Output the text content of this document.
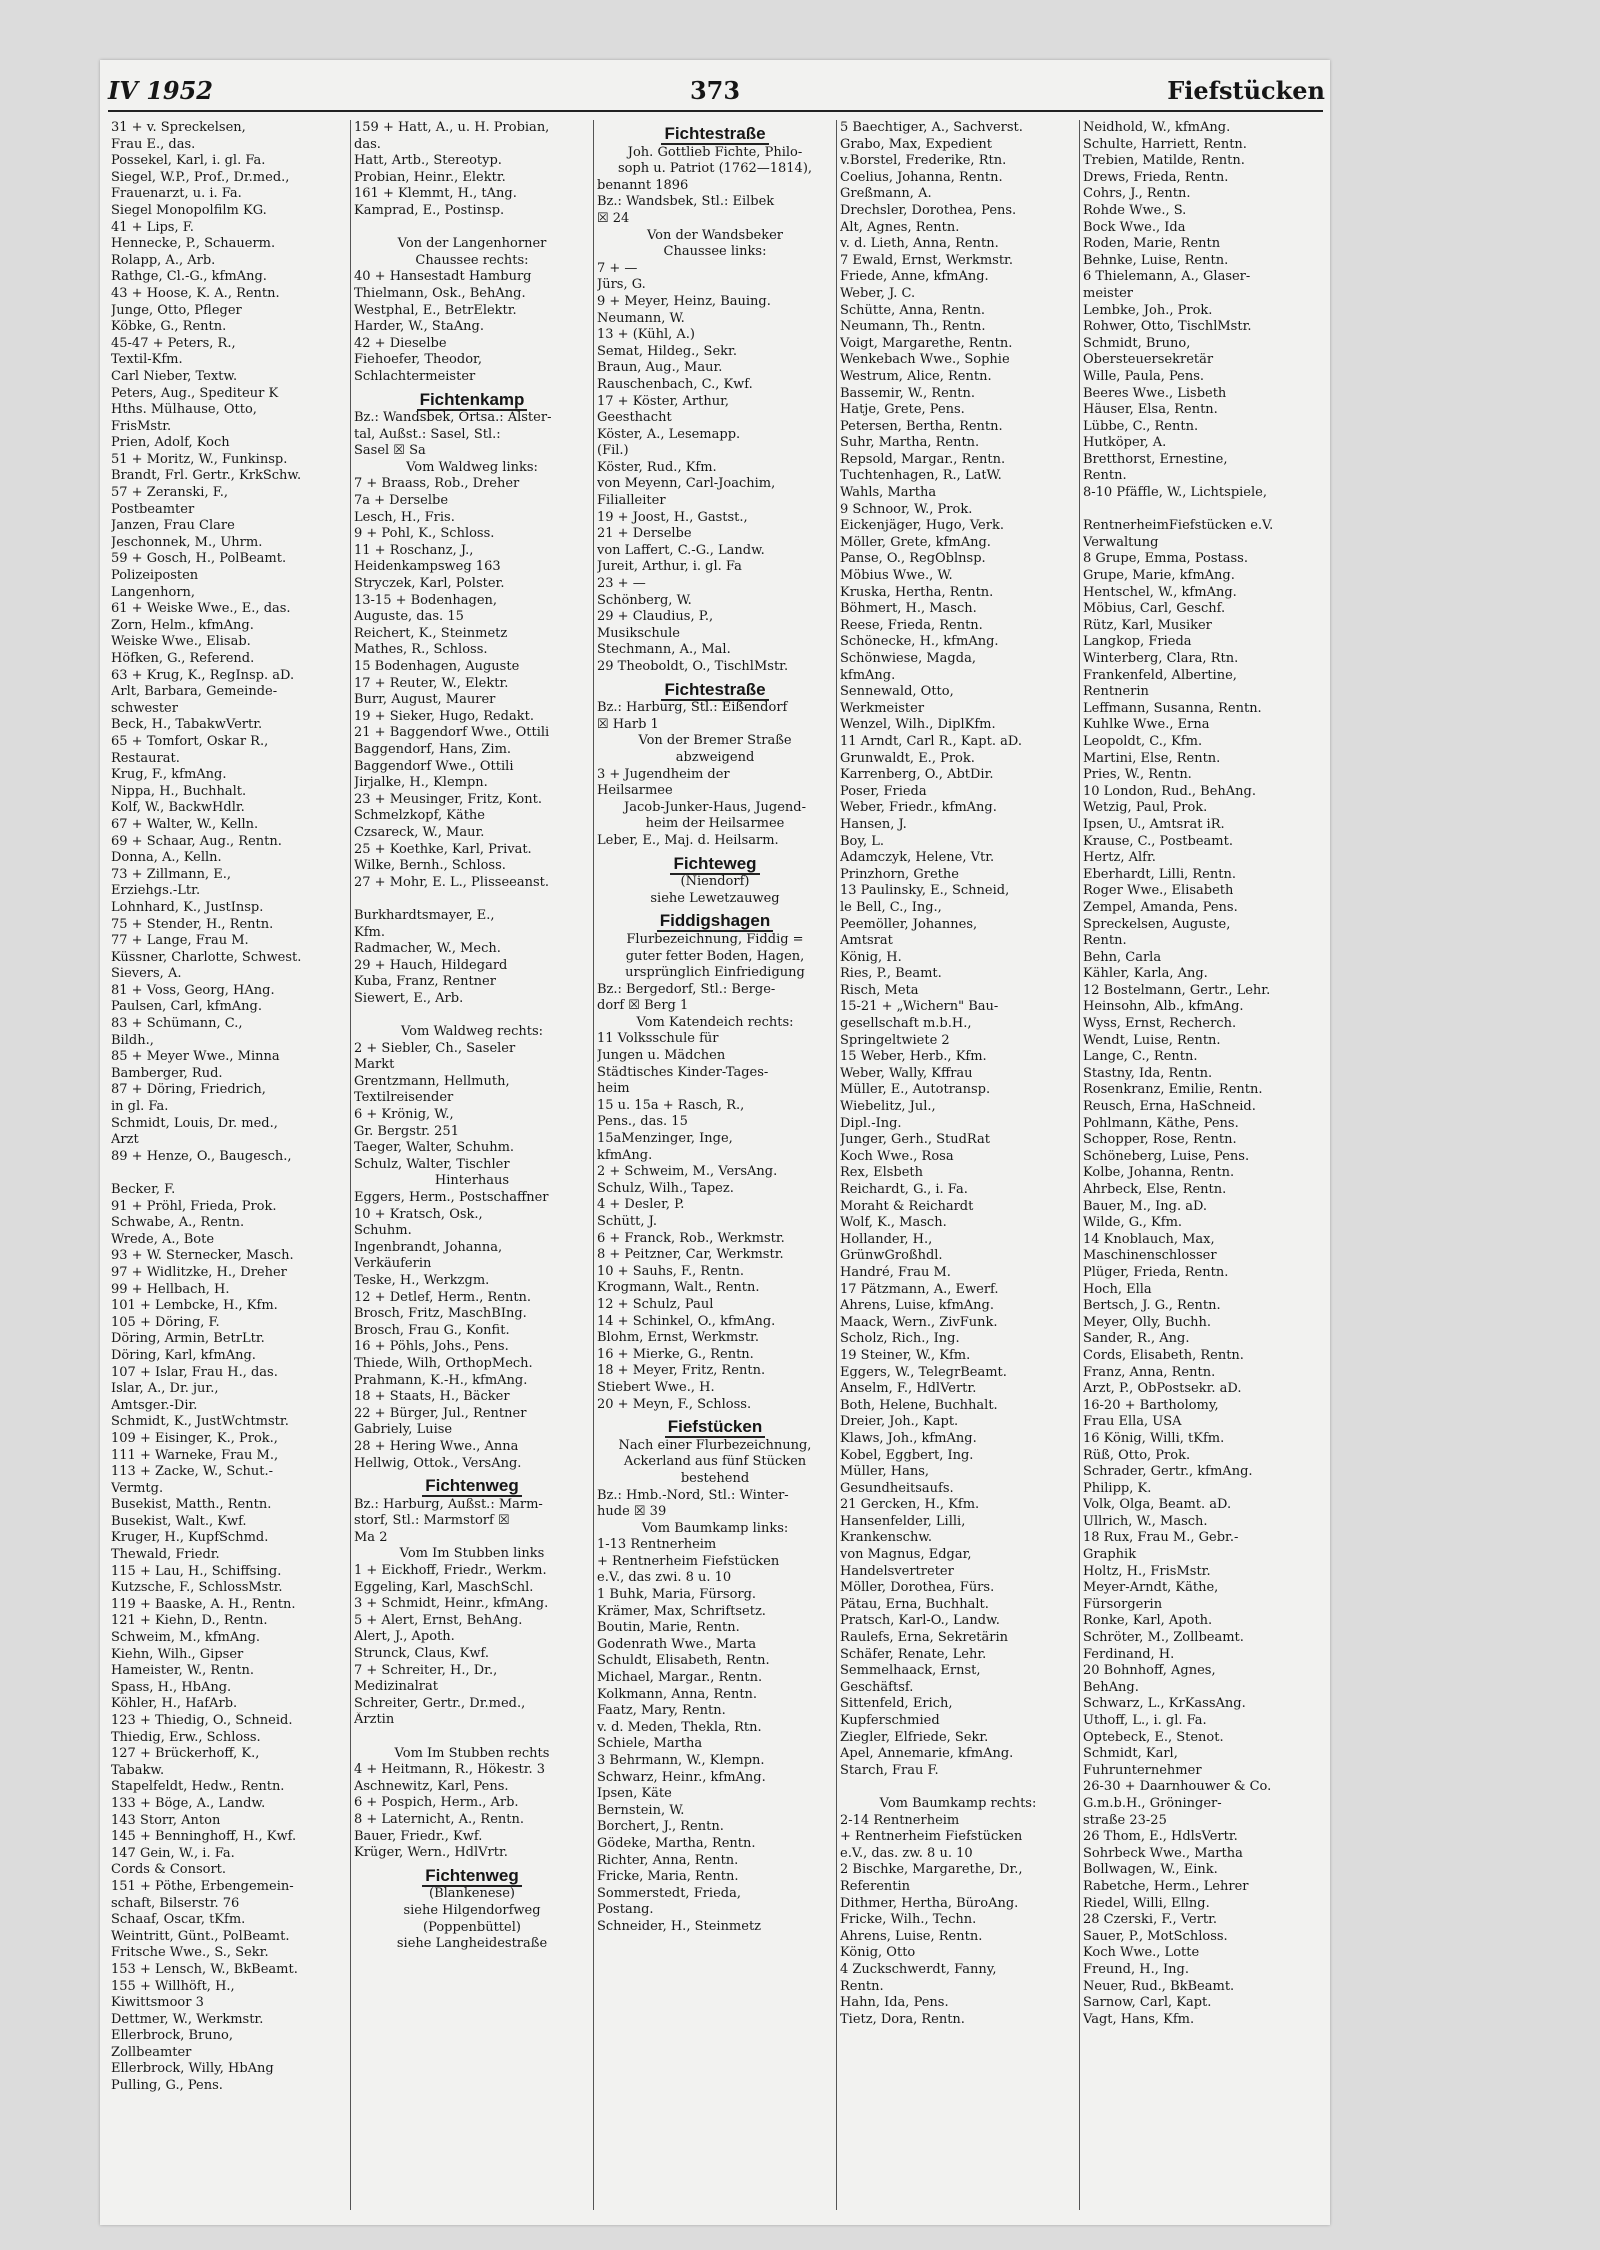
IV 1952	373	Fiefstücken
31 + v. Spreckelsen,
Frau E., das.
Possekel, Karl, i. gl. Fa.
Siegel, W.P., Prof., Dr.med.,
Frauenarzt, u. i. Fa.
Siegel Monopolfilm KG.
41 + Lips, F.
Hennecke, P., Schauerm.
Rolapp, A., Arb.
Rathge, Cl.-G., kfmAng.
43 + Hoose, K. A., Rentn.
Junge, Otto, Pfleger
Köbke, G., Rentn.
45-47 + Peters, R.,
Textil-Kfm.
Carl Nieber, Textw.
Peters, Aug., Spediteur K
Hths. Mülhause, Otto,
FrisMstr.
Prien, Adolf, Koch
51 + Moritz, W., Funkinsp.
Brandt, Frl. Gertr., KrkSchw.
57 + Zeranski, F.,
Postbeamter
Janzen, Frau Clare
Jeschonnek, M., Uhrm.
59 + Gosch, H., PolBeamt.
Polizeiposten
Langenhorn,
61 + Weiske Wwe., E., das.
Zorn, Helm., kfmAng.
Weiske Wwe., Elisab.
Höfken, G., Referend.
63 + Krug, K., RegInsp. aD.
Arlt, Barbara, Gemeinde-
schwester
Beck, H., TabakwVertr.
65 + Tomfort, Oskar R.,
Restaurat.
Krug, F., kfmAng.
Nippa, H., Buchhalt.
Kolf, W., BackwHdlr.
67 + Walter, W., Kelln.
69 + Schaar, Aug., Rentn.
Donna, A., Kelln.
73 + Zillmann, E.,
Erziehgs.-Ltr.
Lohnhard, K., JustInsp.
75 + Stender, H., Rentn.
77 + Lange, Frau M.
Küssner, Charlotte, Schwest.
Sievers, A.
81 + Voss, Georg, HAng.
Paulsen, Carl, kfmAng.
83 + Schümann, C.,
Bildh.,
85 + Meyer Wwe., Minna
Bamberger, Rud.
87 + Döring, Friedrich,
in gl. Fa.
Schmidt, Louis, Dr. med.,
Arzt
89 + Henze, O., Baugesch.,

Becker, F.
91 + Pröhl, Frieda, Prok.
Schwabe, A., Rentn.
Wrede, A., Bote
93 + W. Sternecker, Masch.
97 + Widlitzke, H., Dreher
99 + Hellbach, H.
101 + Lembcke, H., Kfm.
105 + Döring, F.
Döring, Armin, BetrLtr.
Döring, Karl, kfmAng.
107 + Islar, Frau H., das.
Islar, A., Dr. jur.,
Amtsger.-Dir.
Schmidt, K., JustWchtmstr.
109 + Eisinger, K., Prok.,
111 + Warneke, Frau M.,
113 + Zacke, W., Schut.-
Vermtg.
Busekist, Matth., Rentn.
Busekist, Walt., Kwf.
Kruger, H., KupfSchmd.
Thewald, Friedr.
115 + Lau, H., Schiffsing.
Kutzsche, F., SchlossMstr.
119 + Baaske, A. H., Rentn.
121 + Kiehn, D., Rentn.
Schweim, M., kfmAng.
Kiehn, Wilh., Gipser
Hameister, W., Rentn.
Spass, H., HbAng.
Köhler, H., HafArb.
123 + Thiedig, O., Schneid.
Thiedig, Erw., Schloss.
127 + Brückerhoff, K.,
Tabakw.
Stapelfeldt, Hedw., Rentn.
133 + Böge, A., Landw.
143 Storr, Anton
145 + Benninghoff, H., Kwf.
147 Gein, W., i. Fa.
Cords & Consort.
151 + Pöthe, Erbengemein-
schaft, Bilserstr. 76
Schaaf, Oscar, tKfm.
Weintritt, Günt., PolBeamt.
Fritsche Wwe., S., Sekr.
153 + Lensch, W., BkBeamt.
155 + Willhöft, H.,
Kiwittsmoor 3
Dettmer, W., Werkmstr.
Ellerbrock, Bruno,
Zollbeamter
Ellerbrock, Willy, HbAng
Pulling, G., Pens.
159 + Hatt, A., u. H. Probian,
das.
Hatt, Artb., Stereotyp.
Probian, Heinr., Elektr.
161 + Klemmt, H., tAng.
Kamprad, E., Postinsp.

Von der Langenhorner
Chaussee rechts:
40 + Hansestadt Hamburg
Thielmann, Osk., BehAng.
Westphal, E., BetrElektr.
Harder, W., StaAng.
42 + Dieselbe
Fiehoefer, Theodor,
Schlachtermeister
Fichtenkamp
Bz.: Wandsbek, Ortsa.: Alster-
tal, Außst.: Sasel, Stl.:
Sasel ☒ Sa
Vom Waldweg links:
7 + Braass, Rob., Dreher
7a + Derselbe
Lesch, H., Fris.
9 + Pohl, K., Schloss.
11 + Roschanz, J.,
Heidenkampsweg 163
Stryczek, Karl, Polster.
13-15 + Bodenhagen,
Auguste, das. 15
Reichert, K., Steinmetz
Mathes, R., Schloss.
15 Bodenhagen, Auguste
17 + Reuter, W., Elektr.
Burr, August, Maurer
19 + Sieker, Hugo, Redakt.
21 + Baggendorf Wwe., Ottili
Baggendorf, Hans, Zim.
Baggendorf Wwe., Ottili
Jirjalke, H., Klempn.
23 + Meusinger, Fritz, Kont.
Schmelzkopf, Käthe
Czsareck, W., Maur.
25 + Koethke, Karl, Privat.
Wilke, Bernh., Schloss.
27 + Mohr, E. L., Plisseeanst.

Burkhardtsmayer, E.,
Kfm.
Radmacher, W., Mech.
29 + Hauch, Hildegard
Kuba, Franz, Rentner
Siewert, E., Arb.

Vom Waldweg rechts:
2 + Siebler, Ch., Saseler
Markt
Grentzmann, Hellmuth,
Textilreisender
6 + Krönig, W.,
Gr. Bergstr. 251
Taeger, Walter, Schuhm.
Schulz, Walter, Tischler
Hinterhaus
Eggers, Herm., Postschaffner
10 + Kratsch, Osk.,
Schuhm.
Ingenbrandt, Johanna,
Verkäuferin
Teske, H., Werkzgm.
12 + Detlef, Herm., Rentn.
Brosch, Fritz, MaschBIng.
Brosch, Frau G., Konfit.
16 + Pöhls, Johs., Pens.
Thiede, Wilh, OrthopMech.
Prahmann, K.-H., kfmAng.
18 + Staats, H., Bäcker
22 + Bürger, Jul., Rentner
Gabriely, Luise
28 + Hering Wwe., Anna
Hellwig, Ottok., VersAng.
Fichtenweg
Bz.: Harburg, Außst.: Marm-
storf, Stl.: Marmstorf ☒
Ma 2
Vom Im Stubben links
1 + Eickhoff, Friedr., Werkm.
Eggeling, Karl, MaschSchl.
3 + Schmidt, Heinr., kfmAng.
5 + Alert, Ernst, BehAng.
Alert, J., Apoth.
Strunck, Claus, Kwf.
7 + Schreiter, H., Dr.,
Medizinalrat
Schreiter, Gertr., Dr.med.,
Ärztin

Vom Im Stubben rechts
4 + Heitmann, R., Hökestr. 3
Aschnewitz, Karl, Pens.
6 + Pospich, Herm., Arb.
8 + Laternicht, A., Rentn.
Bauer, Friedr., Kwf.
Krüger, Wern., HdlVrtr.
Fichtenweg
(Blankenese)
siehe Hilgendorfweg
(Poppenbüttel)
siehe Langheidestraße
Fichtestraße
Joh. Gottlieb Fichte, Philo-
soph u. Patriot (1762—1814),
benannt 1896
Bz.: Wandsbek, Stl.: Eilbek
☒ 24
Von der Wandsbeker
Chaussee links:
7 + —
Jürs, G.
9 + Meyer, Heinz, Bauing.
Neumann, W.
13 + (Kühl, A.)
Semat, Hildeg., Sekr.
Braun, Aug., Maur.
Rauschenbach, C., Kwf.
17 + Köster, Arthur,
Geesthacht
Köster, A., Lesemapp.
(Fil.)
Köster, Rud., Kfm.
von Meyenn, Carl-Joachim,
Filialleiter
19 + Joost, H., Gastst.,
21 + Derselbe
von Laffert, C.-G., Landw.
Jureit, Arthur, i. gl. Fa
23 + —
Schönberg, W.
29 + Claudius, P.,
Musikschule
Stechmann, A., Mal.
29 Theoboldt, O., TischlMstr.
Fichtestraße
Bz.: Harburg, Stl.: Eißendorf
☒ Harb 1
Von der Bremer Straße
abzweigend
3 + Jugendheim der
Heilsarmee
Jacob-Junker-Haus, Jugend-
heim der Heilsarmee
Leber, E., Maj. d. Heilsarm.
Fichteweg
(Niendorf)
siehe Lewetzauweg
Fiddigshagen
Flurbezeichnung, Fiddig =
guter fetter Boden, Hagen,
ursprünglich Einfriedigung
Bz.: Bergedorf, Stl.: Berge-
dorf ☒ Berg 1
Vom Katendeich rechts:
11 Volksschule für
Jungen u. Mädchen
Städtisches Kinder-Tages-
heim
15 u. 15a + Rasch, R.,
Pens., das. 15
15aMenzinger, Inge,
kfmAng.
2 + Schweim, M., VersAng.
Schulz, Wilh., Tapez.
4 + Desler, P.
Schütt, J.
6 + Franck, Rob., Werkmstr.
8 + Peitzner, Car, Werkmstr.
10 + Sauhs, F., Rentn.
Krogmann, Walt., Rentn.
12 + Schulz, Paul
14 + Schinkel, O., kfmAng.
Blohm, Ernst, Werkmstr.
16 + Mierke, G., Rentn.
18 + Meyer, Fritz, Rentn.
Stiebert Wwe., H.
20 + Meyn, F., Schloss.
Fiefstücken
Nach einer Flurbezeichnung,
Ackerland aus fünf Stücken
bestehend
Bz.: Hmb.-Nord, Stl.: Winter-
hude ☒ 39
Vom Baumkamp links:
1-13 Rentnerheim
+ Rentnerheim Fiefstücken
e.V., das zwi. 8 u. 10
1 Buhk, Maria, Fürsorg.
Krämer, Max, Schriftsetz.
Boutin, Marie, Rentn.
Godenrath Wwe., Marta
Schuldt, Elisabeth, Rentn.
Michael, Margar., Rentn.
Kolkmann, Anna, Rentn.
Faatz, Mary, Rentn.
v. d. Meden, Thekla, Rtn.
Schiele, Martha
3 Behrmann, W., Klempn.
Schwarz, Heinr., kfmAng.
Ipsen, Käte
Bernstein, W.
Borchert, J., Rentn.
Gödeke, Martha, Rentn.
Richter, Anna, Rentn.
Fricke, Maria, Rentn.
Sommerstedt, Frieda,
Postang.
Schneider, H., Steinmetz
5 Baechtiger, A., Sachverst.
Grabo, Max, Expedient
v.Borstel, Frederike, Rtn.
Coelius, Johanna, Rentn.
Greßmann, A.
Drechsler, Dorothea, Pens.
Alt, Agnes, Rentn.
v. d. Lieth, Anna, Rentn.
7 Ewald, Ernst, Werkmstr.
Friede, Anne, kfmAng.
Weber, J. C.
Schütte, Anna, Rentn.
Neumann, Th., Rentn.
Voigt, Margarethe, Rentn.
Wenkebach Wwe., Sophie
Westrum, Alice, Rentn.
Bassemir, W., Rentn.
Hatje, Grete, Pens.
Petersen, Bertha, Rentn.
Suhr, Martha, Rentn.
Repsold, Margar., Rentn.
Tuchtenhagen, R., LatW.
Wahls, Martha
9 Schnoor, W., Prok.
Eickenjäger, Hugo, Verk.
Möller, Grete, kfmAng.
Panse, O., RegOblnsp.
Möbius Wwe., W.
Kruska, Hertha, Rentn.
Böhmert, H., Masch.
Reese, Frieda, Rentn.
Schönecke, H., kfmAng.
Schönwiese, Magda,
kfmAng.
Sennewald, Otto,
Werkmeister
Wenzel, Wilh., DiplKfm.
11 Arndt, Carl R., Kapt. aD.
Grunwaldt, E., Prok.
Karrenberg, O., AbtDir.
Poser, Frieda
Weber, Friedr., kfmAng.
Hansen, J.
Boy, L.
Adamczyk, Helene, Vtr.
Prinzhorn, Grethe
13 Paulinsky, E., Schneid,
le Bell, C., Ing.,
Peemöller, Johannes,
Amtsrat
König, H.
Ries, P., Beamt.
Risch, Meta
15-21 + „Wichern" Bau-
gesellschaft m.b.H.,
Springeltwiete 2
15 Weber, Herb., Kfm.
Weber, Wally, Kffrau
Müller, E., Autotransp.
Wiebelitz, Jul.,
Dipl.-Ing.
Junger, Gerh., StudRat
Koch Wwe., Rosa
Rex, Elsbeth
Reichardt, G., i. Fa.
Moraht & Reichardt
Wolf, K., Masch.
Hollander, H.,
GrünwGroßhdl.
Handré, Frau M.
17 Pätzmann, A., Ewerf.
Ahrens, Luise, kfmAng.
Maack, Wern., ZivFunk.
Scholz, Rich., Ing.
19 Steiner, W., Kfm.
Eggers, W., TelegrBeamt.
Anselm, F., HdlVertr.
Both, Helene, Buchhalt.
Dreier, Joh., Kapt.
Klaws, Joh., kfmAng.
Kobel, Eggbert, Ing.
Müller, Hans,
Gesundheitsaufs.
21 Gercken, H., Kfm.
Hansenfelder, Lilli,
Krankenschw.
von Magnus, Edgar,
Handelsvertreter
Möller, Dorothea, Fürs.
Pätau, Erna, Buchhalt.
Pratsch, Karl-O., Landw.
Raulefs, Erna, Sekretärin
Schäfer, Renate, Lehr.
Semmelhaack, Ernst,
Geschäftsf.
Sittenfeld, Erich,
Kupferschmied
Ziegler, Elfriede, Sekr.
Apel, Annemarie, kfmAng.
Starch, Frau F.

Vom Baumkamp rechts:
2-14 Rentnerheim
+ Rentnerheim Fiefstücken
e.V., das. zw. 8 u. 10
2 Bischke, Margarethe, Dr.,
Referentin
Dithmer, Hertha, BüroAng.
Fricke, Wilh., Techn.
Ahrens, Luise, Rentn.
König, Otto
4 Zuckschwerdt, Fanny,
Rentn.
Hahn, Ida, Pens.
Tietz, Dora, Rentn.
Neidhold, W., kfmAng.
Schulte, Harriett, Rentn.
Trebien, Matilde, Rentn.
Drews, Frieda, Rentn.
Cohrs, J., Rentn.
Rohde Wwe., S.
Bock Wwe., Ida
Roden, Marie, Rentn
Behnke, Luise, Rentn.
6 Thielemann, A., Glaser-
meister
Lembke, Joh., Prok.
Rohwer, Otto, TischlMstr.
Schmidt, Bruno,
Obersteuersekretär
Wille, Paula, Pens.
Beeres Wwe., Lisbeth
Häuser, Elsa, Rentn.
Lübbe, C., Rentn.
Hutköper, A.
Bretthorst, Ernestine,
Rentn.
8-10 Pfäffle, W., Lichtspiele,

RentnerheimFiefstücken e.V.
Verwaltung
8 Grupe, Emma, Postass.
Grupe, Marie, kfmAng.
Hentschel, W., kfmAng.
Möbius, Carl, Geschf.
Rütz, Karl, Musiker
Langkop, Frieda
Winterberg, Clara, Rtn.
Frankenfeld, Albertine,
Rentnerin
Leffmann, Susanna, Rentn.
Kuhlke Wwe., Erna
Leopoldt, C., Kfm.
Martini, Else, Rentn.
Pries, W., Rentn.
10 London, Rud., BehAng.
Wetzig, Paul, Prok.
Ipsen, U., Amtsrat iR.
Krause, C., Postbeamt.
Hertz, Alfr.
Eberhardt, Lilli, Rentn.
Roger Wwe., Elisabeth
Zempel, Amanda, Pens.
Spreckelsen, Auguste,
Rentn.
Behn, Carla
Kähler, Karla, Ang.
12 Bostelmann, Gertr., Lehr.
Heinsohn, Alb., kfmAng.
Wyss, Ernst, Recherch.
Wendt, Luise, Rentn.
Lange, C., Rentn.
Stastny, Ida, Rentn.
Rosenkranz, Emilie, Rentn.
Reusch, Erna, HaSchneid.
Pohlmann, Käthe, Pens.
Schopper, Rose, Rentn.
Schöneberg, Luise, Pens.
Kolbe, Johanna, Rentn.
Ahrbeck, Else, Rentn.
Bauer, M., Ing. aD.
Wilde, G., Kfm.
14 Knoblauch, Max,
Maschinenschlosser
Plüger, Frieda, Rentn.
Hoch, Ella
Bertsch, J. G., Rentn.
Meyer, Olly, Buchh.
Sander, R., Ang.
Cords, Elisabeth, Rentn.
Franz, Anna, Rentn.
Arzt, P., ObPostsekr. aD.
16-20 + Bartholomy,
Frau Ella, USA
16 König, Willi, tKfm.
Rüß, Otto, Prok.
Schrader, Gertr., kfmAng.
Philipp, K.
Volk, Olga, Beamt. aD.
Ullrich, W., Masch.
18 Rux, Frau M., Gebr.-
Graphik
Holtz, H., FrisMstr.
Meyer-Arndt, Käthe,
Fürsorgerin
Ronke, Karl, Apoth.
Schröter, M., Zollbeamt.
Ferdinand, H.
20 Bohnhoff, Agnes,
BehAng.
Schwarz, L., KrKassAng.
Uthoff, L., i. gl. Fa.
Optebeck, E., Stenot.
Schmidt, Karl,
Fuhrunternehmer
26-30 + Daarnhouwer & Co.
G.m.b.H., Gröninger-
straße 23-25
26 Thom, E., HdlsVertr.
Sohrbeck Wwe., Martha
Bollwagen, W., Eink.
Rabetche, Herm., Lehrer
Riedel, Willi, Ellng.
28 Czerski, F., Vertr.
Sauer, P., MotSchloss.
Koch Wwe., Lotte
Freund, H., Ing.
Neuer, Rud., BkBeamt.
Sarnow, Carl, Kapt.
Vagt, Hans, Kfm.
